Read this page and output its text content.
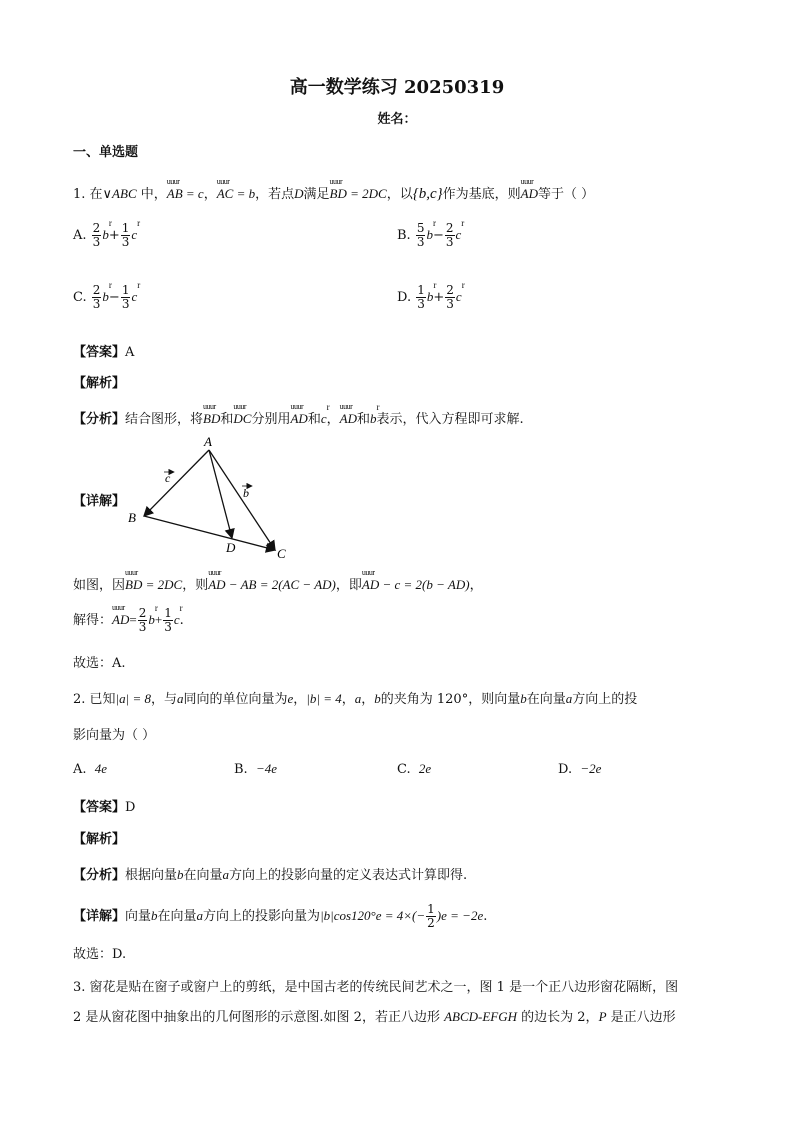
高一数学练习 20250319
姓名：
一、单选题
1. 在∨ABC 中，uuur AB = c，uuur AC = b，若点D满足uuur BD = 2DC，以{b,c}作为基底，则uuur AD等于（ ）
A. $\frac{2}{3}$ r $b+ \frac{1}{3}$ r c	B. $\frac{5}{3}$ r $b- \frac{2}{3}$ r c
C. $\frac{2}{3}$ r $b- \frac{1}{3}$ r c	D. $\frac{1}{3}$ r $b+ \frac{2}{3}$ r c
【答案】A
【解析】
【分析】结合图形，将uuur BD和uuur DC分别用uuur AD和r c，uuur AD和r b表示，代入方程即可求解.
【详解】
A
B
C
D
c
b
如图，因uuur BD = 2DC，则uuur AD − AB = 2(AC − AD)，即uuur AD − c = 2(b − AD)，
解得：uuur $AD= \frac{2}{3}$ r $b+ \frac{1}{3}$ r c.
故选：A.
2. 已知|a| = 8，与a同向的单位向量为e，|b| = 4，a，b的夹角为 120°，则向量b在向量a方向上的投
影向量为（ ）
A. 4e	B. −4e	C. 2e	D. −2e
【答案】D
【解析】
【分析】根据向量b在向量a方向上的投影向量的定义表达式计算即得.
【详解】向量b在向量a方向上的投影向量为$|b|\cos 120^\circ e = 4\times(- \frac{1}{2} )e = -2e$.
故选：D.
3. 窗花是贴在窗子或窗户上的剪纸，是中国古老的传统民间艺术之一，图 1 是一个正八边形窗花隔断，图
2 是从窗花图中抽象出的几何图形的示意图.如图 2，若正八边形 ABCD-EFGH 的边长为 2，P 是正八边形
